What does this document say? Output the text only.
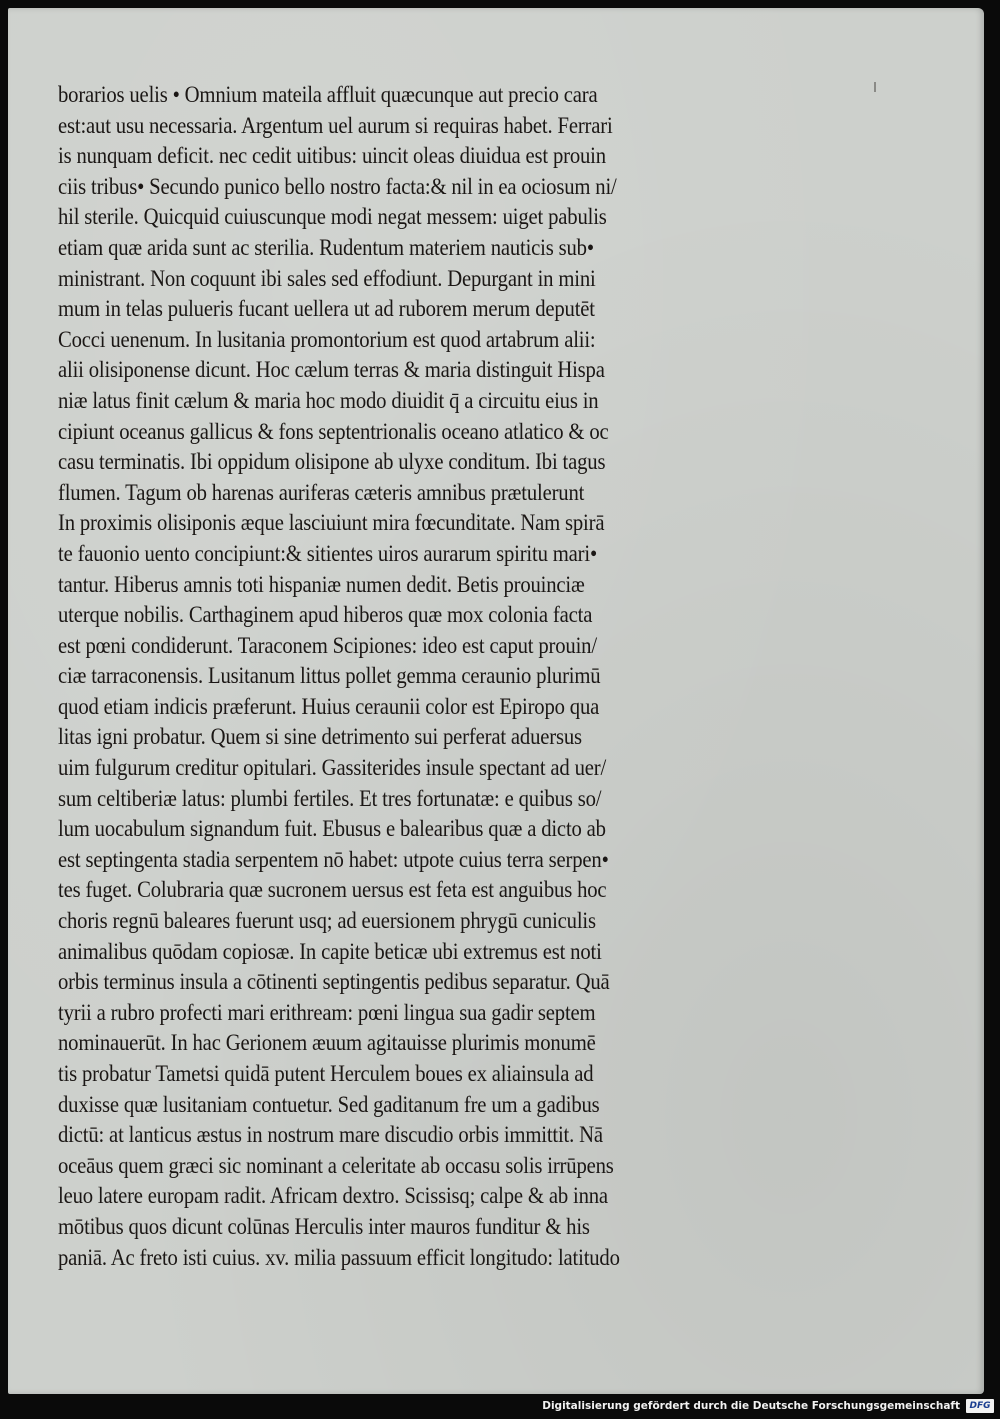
borarios uelis • Omnium mateila affluit quæcunque aut precio cara
est:aut usu necessaria. Argentum uel aurum si requiras habet. Ferrari
is nunquam deficit. nec cedit uitibus: uincit oleas diuidua est prouin
ciis tribus• Secundo punico bello nostro facta:& nil in ea ociosum ni/
hil sterile. Quicquid cuiuscunque modi negat messem: uiget pabulis
etiam quæ arida sunt ac sterilia. Rudentum materiem nauticis sub•
ministrant. Non coquunt ibi sales sed effodiunt. Depurgant in mini
mum in telas pulueris fucant uellera ut ad ruborem merum deputēt
Cocci uenenum. In lusitania promontorium est quod artabrum alii:
alii olisiponense dicunt. Hoc cælum terras & maria distinguit Hispa
niæ latus finit cælum & maria hoc modo diuidit q̄ a circuitu eius in
cipiunt oceanus gallicus & fons septentrionalis oceano atlatico & oc
casu terminatis. Ibi oppidum olisipone ab ulyxe conditum. Ibi tagus
flumen. Tagum ob harenas auriferas cæteris amnibus prætulerunt
In proximis olisiponis æque lasciuiunt mira fœcunditate. Nam spirā
te fauonio uento concipiunt:& sitientes uiros aurarum spiritu mari•
tantur. Hiberus amnis toti hispaniæ numen dedit. Betis prouinciæ
uterque nobilis. Carthaginem apud hiberos quæ mox colonia facta
est pœni condiderunt. Taraconem Scipiones: ideo est caput prouin/
ciæ tarraconensis. Lusitanum littus pollet gemma ceraunio plurimū
quod etiam indicis præferunt. Huius ceraunii color est Epiropo qua
litas igni probatur. Quem si sine detrimento sui perferat aduersus
uim fulgurum creditur opitulari. Gassiterides insule spectant ad uer/
sum celtiberiæ latus: plumbi fertiles. Et tres fortunatæ: e quibus so/
lum uocabulum signandum fuit. Ebusus e balearibus quæ a dicto ab
est septingenta stadia serpentem nō habet: utpote cuius terra serpen•
tes fuget. Colubraria quæ sucronem uersus est feta est anguibus hoc
choris regnū baleares fuerunt usq; ad euersionem phrygū cuniculis
animalibus quōdam copiosæ. In capite beticæ ubi extremus est noti
orbis terminus insula a cōtinenti septingentis pedibus separatur. Quā
tyrii a rubro profecti mari erithream: pœni lingua sua gadir septem
nominauerūt. In hac Gerionem æuum agitauisse plurimis monumē
tis probatur Tametsi quidā putent Herculem boues ex aliainsula ad
duxisse quæ lusitaniam contuetur. Sed gaditanum fre um a gadibus
dictū: at lanticus æstus in nostrum mare discudio orbis immittit. Nā
oceāus quem græci sic nominant a celeritate ab occasu solis irrūpens
leuo latere europam radit. Africam dextro. Scissisq; calpe & ab inna
mōtibus quos dicunt colūnas Herculis inter mauros funditur & his
paniā. Ac freto isti cuius. xv. milia passuum efficit longitudo: latitudo
Digitalisierung gefördert durch die Deutsche Forschungsgemeinschaft	DFG
